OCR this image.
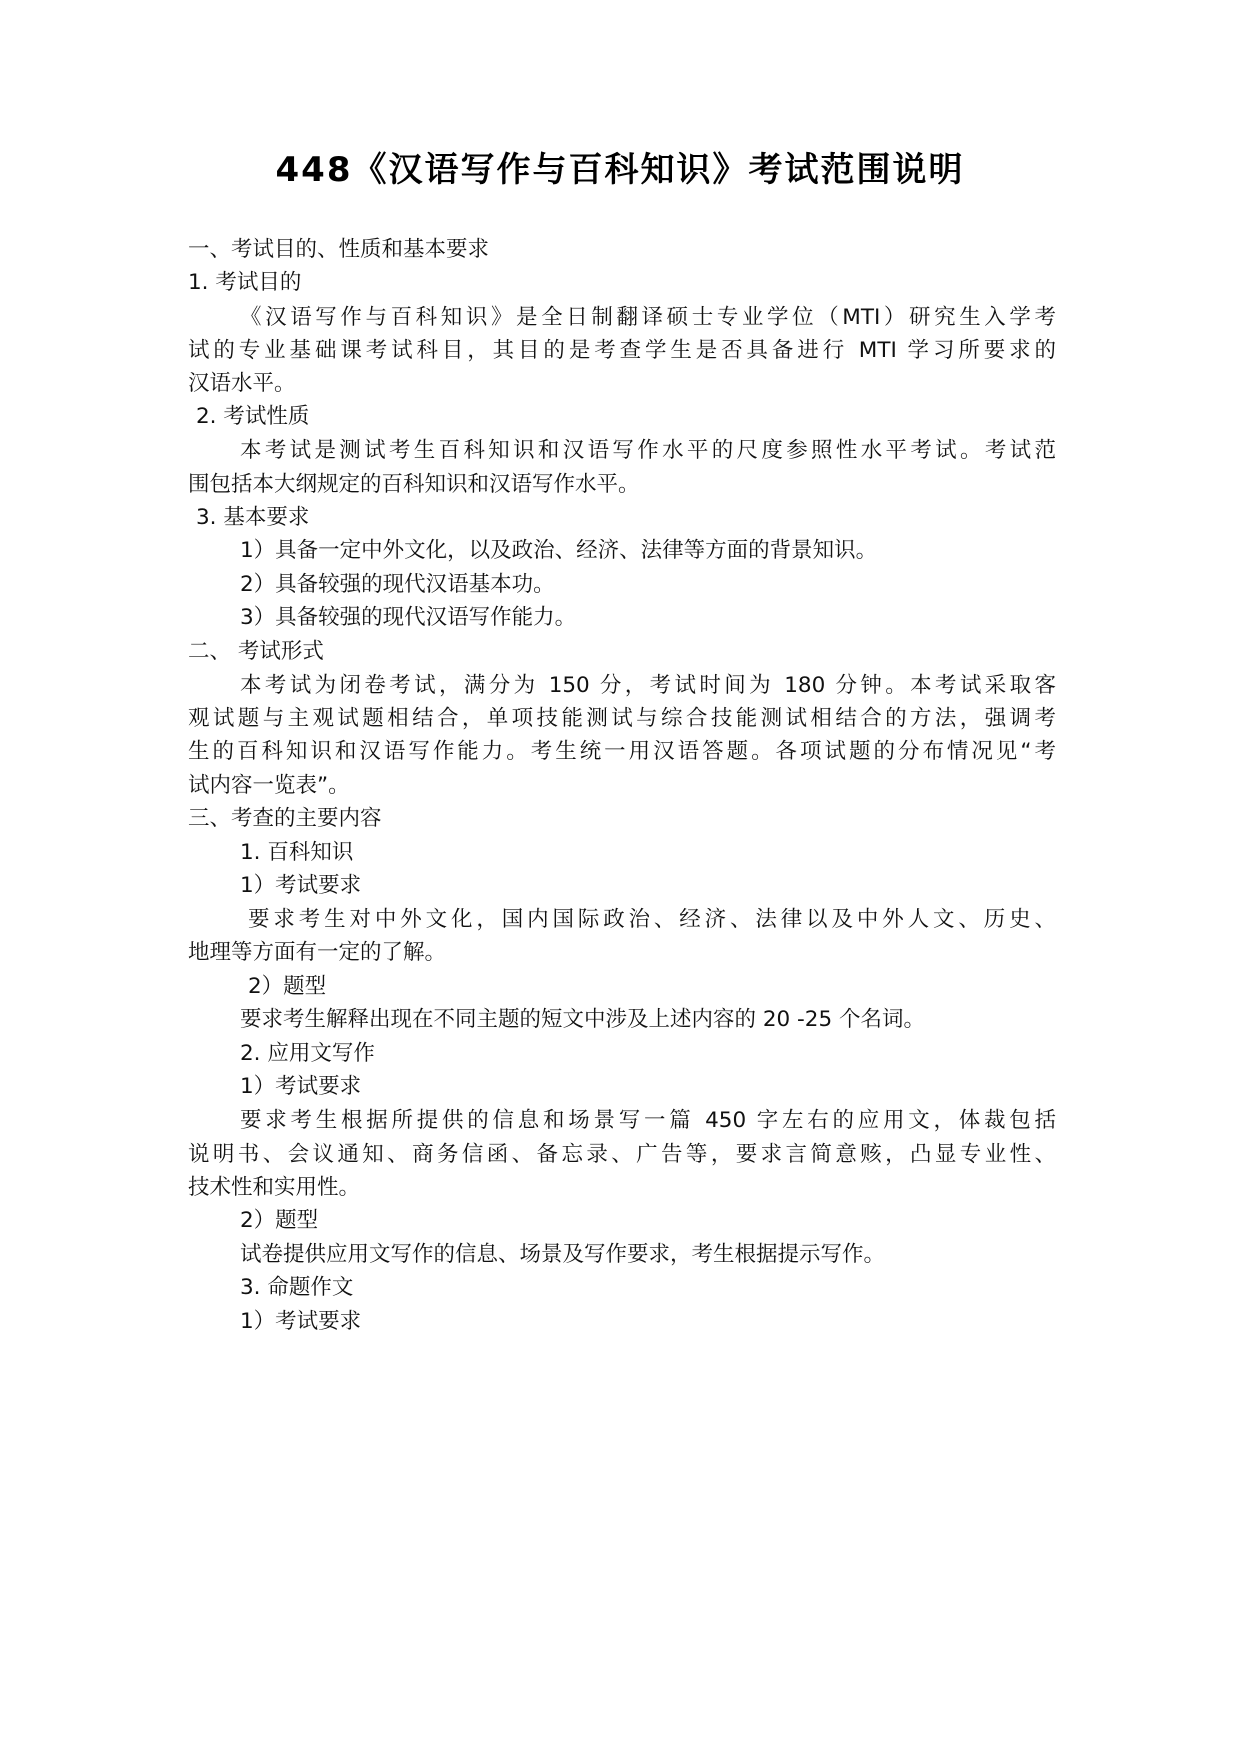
448《汉语写作与百科知识》考试范围说明
一、考试目的、性质和基本要求
1. 考试目的
《汉语写作与百科知识》是全日制翻译硕士专业学位（MTI）研究生入学考
试的专业基础课考试科目，其目的是考查学生是否具备进行 MTI 学习所要求的
汉语水平。
2. 考试性质
本考试是测试考生百科知识和汉语写作水平的尺度参照性水平考试。考试范
围包括本大纲规定的百科知识和汉语写作水平。
3. 基本要求
1）具备一定中外文化，以及政治、经济、法律等方面的背景知识。
2）具备较强的现代汉语基本功。
3）具备较强的现代汉语写作能力。
二、 考试形式
本考试为闭卷考试，满分为 150 分，考试时间为 180 分钟。本考试采取客
观试题与主观试题相结合，单项技能测试与综合技能测试相结合的方法，强调考
生的百科知识和汉语写作能力。考生统一用汉语答题。各项试题的分布情况见“考
试内容一览表”。
三、考查的主要内容
1. 百科知识
1）考试要求
要求考生对中外文化，国内国际政治、经济、法律以及中外人文、历史、
地理等方面有一定的了解。
2）题型
要求考生解释出现在不同主题的短文中涉及上述内容的 20 -25 个名词。
2. 应用文写作
1）考试要求
要求考生根据所提供的信息和场景写一篇 450 字左右的应用文，体裁包括
说明书、会议通知、商务信函、备忘录、广告等，要求言简意赅，凸显专业性、
技术性和实用性。
2）题型
试卷提供应用文写作的信息、场景及写作要求，考生根据提示写作。
3. 命题作文
1）考试要求
